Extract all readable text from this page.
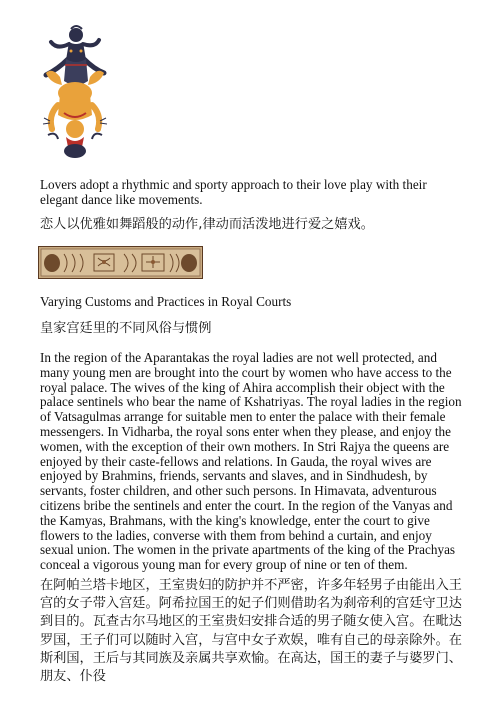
Lovers adopt a rhythmic and sporty approach to their love play with their elegant dance like movements.

恋人以优雅如舞蹈般的动作,律动而活泼地进行爱之嬉戏。

Varying Customs and Practices in Royal Courts

皇家宫廷里的不同风俗与惯例

In the region of the Aparantakas the royal ladies are not well protected, and many young men are brought into the court by women who have access to the royal palace. The wives of the king of Ahira accomplish their object with the palace sentinels who bear the name of Kshatriyas. The royal ladies in the region of Vatsagulmas arrange for suitable men to enter the palace with their female messengers. In Vidharba, the royal sons enter when they please, and enjoy the women, with the exception of their own mothers. In Stri Rajya the queens are enjoyed by their caste-fellows and relations. In Gauda, the royal wives are enjoyed by Brahmins, friends, servants and slaves, and in Sindhudesh, by servants, foster children, and other such persons. In Himavata, adventurous citizens bribe the sentinels and enter the court. In the region of the Vanyas and the Kamyas, Brahmans, with the king's knowledge, enter the court to give flowers to the ladies, converse with them from behind a curtain, and enjoy sexual union. The women in the private apartments of the king of the Prachyas conceal a vigorous young man for every group of nine or ten of them.

在阿帕兰塔卡地区，王室贵妇的防护并不严密，许多年轻男子由能出入王宫的女子带入宫廷。阿希拉国王的妃子们则借助名为刹帝利的宫廷守卫达到目的。瓦查古尔马地区的王室贵妇安排合适的男子随女使入宫。在毗达罗国，王子们可以随时入宫，与宫中女子欢娱，唯有自己的母亲除外。在斯利国，王后与其同族及亲属共享欢愉。在高达，国王的妻子与婆罗门、朋友、仆役
